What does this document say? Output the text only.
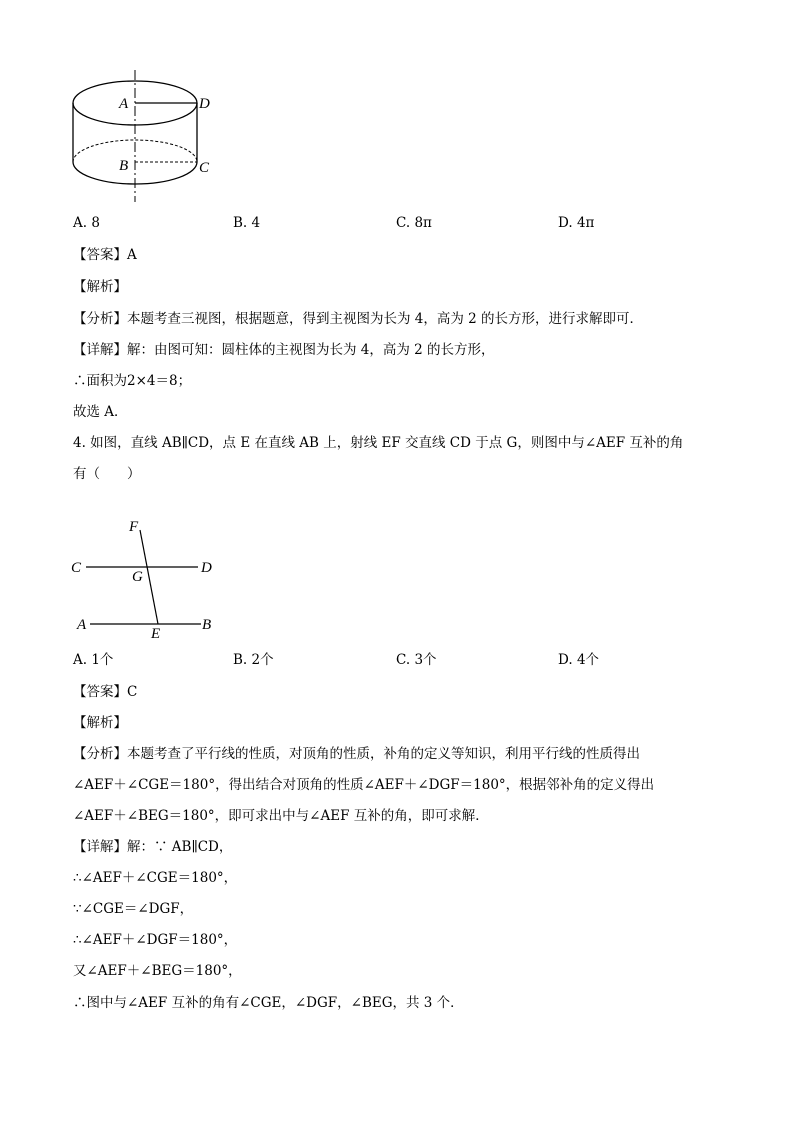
A	D
B	C
A. 8	B. 4	C. 8π	D. 4π
【答案】A
【解析】
【分析】本题考查三视图，根据题意，得到主视图为长为 4，高为 2 的长方形，进行求解即可．
【详解】解：由图可知：圆柱体的主视图为长为 4，高为 2 的长方形，
∴面积为2×4＝8；
故选 A．
4. 如图，直线 AB∥CD，点 E 在直线 AB 上，射线 EF 交直线 CD 于点 G，则图中与∠AEF 互补的角
有（　　）
F
C
G
D
A
E
B
A. 1个	B. 2个	C. 3个	D. 4个
【答案】C
【解析】
【分析】本题考查了平行线的性质，对顶角的性质，补角的定义等知识，利用平行线的性质得出
∠AEF＋∠CGE＝180°，得出结合对顶角的性质∠AEF＋∠DGF＝180°，根据邻补角的定义得出
∠AEF＋∠BEG＝180°，即可求出中与∠AEF 互补的角，即可求解．
【详解】解：∵ AB∥CD，
∴∠AEF＋∠CGE＝180°，
∵∠CGE＝∠DGF，
∴∠AEF＋∠DGF＝180°，
又∠AEF＋∠BEG＝180°，
∴图中与∠AEF 互补的角有∠CGE，∠DGF，∠BEG，共 3 个．
